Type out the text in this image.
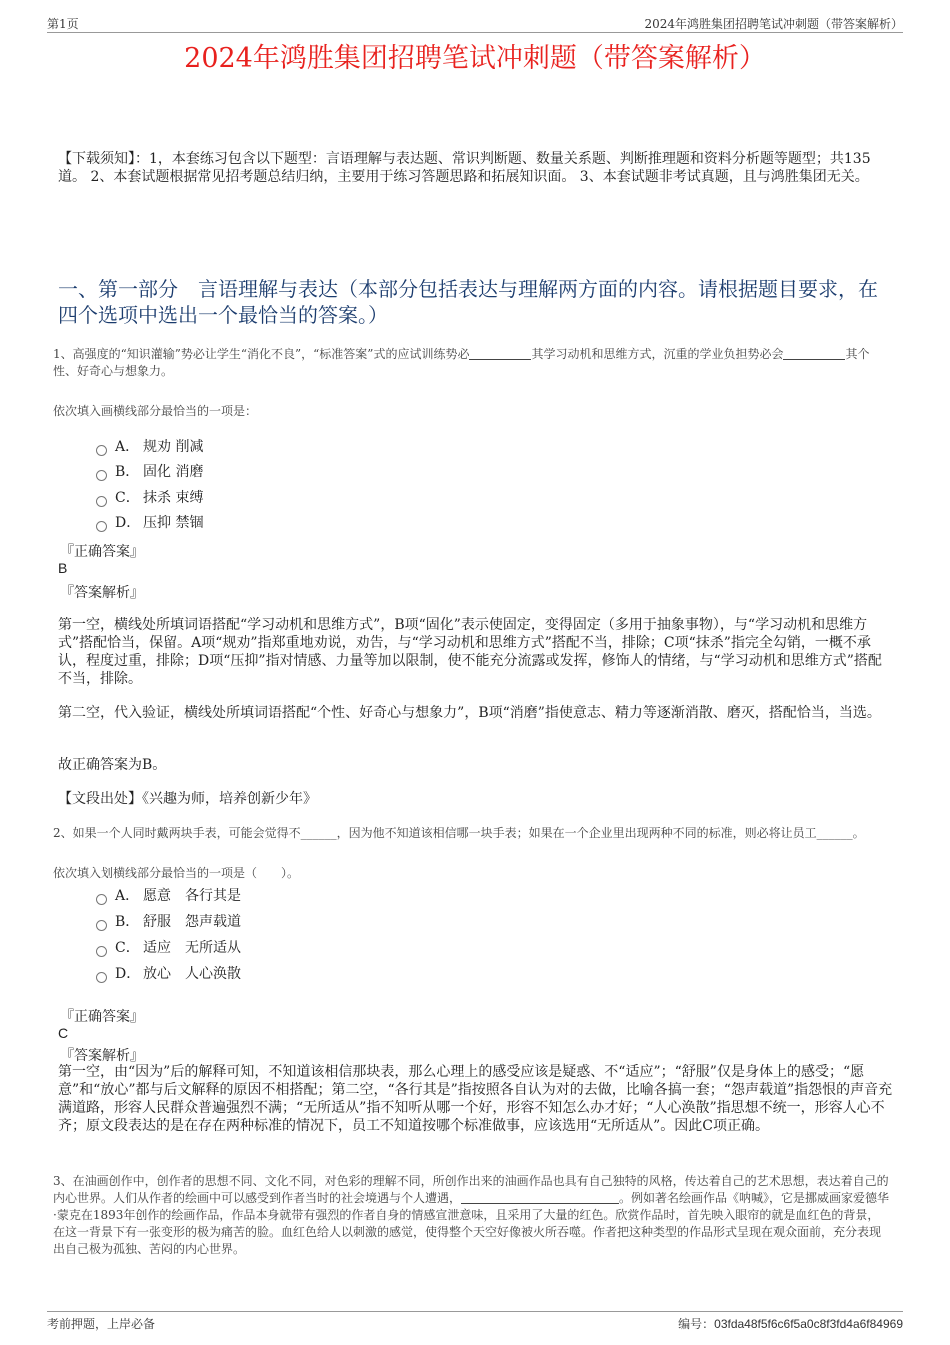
第1页	2024年鸿胜集团招聘笔试冲刺题（带答案解析）
2024年鸿胜集团招聘笔试冲刺题（带答案解析）
【下载须知】：1，本套练习包含以下题型：言语理解与表达题、常识判断题、数量关系题、判断推理题和资料分析题等题型；共135道。 2、本套试题根据常见招考题总结归纳，主要用于练习答题思路和拓展知识面。 3、本套试题非考试真题，且与鸿胜集团无关。
一、第一部分　言语理解与表达（本部分包括表达与理解两方面的内容。请根据题目要求，在四个选项中选出一个最恰当的答案。）
1、高强度的“知识灌输”势必让学生“消化不良”，“标准答案”式的应试训练势必	其学习动机和思维方式，沉重的学业负担势必会	其个性、好奇心与想象力。
依次填入画横线部分最恰当的一项是：
A． 规劝 削减
B． 固化 消磨
C． 抹杀 束缚
D． 压抑 禁锢
『正确答案』
B
『答案解析』
第一空，横线处所填词语搭配“学习动机和思维方式”，B项“固化”表示使固定，变得固定（多用于抽象事物），与“学习动机和思维方式”搭配恰当，保留。A项“规劝”指郑重地劝说，劝告，与“学习动机和思维方式”搭配不当，排除；C项“抹杀”指完全勾销，一概不承认，程度过重，排除；D项“压抑”指对情感、力量等加以限制，使不能充分流露或发挥，修饰人的情绪，与“学习动机和思维方式”搭配不当，排除。
第二空，代入验证，横线处所填词语搭配“个性、好奇心与想象力”，B项“消磨”指使意志、精力等逐渐消散、磨灭，搭配恰当，当选。
故正确答案为B。
【文段出处】《兴趣为师，培养创新少年》
2、如果一个人同时戴两块手表，可能会觉得不______，因为他不知道该相信哪一块手表；如果在一个企业里出现两种不同的标准，则必将让员工______。
依次填入划横线部分最恰当的一项是（　　）。
A． 愿意　各行其是
B． 舒服　怨声载道
C． 适应　无所适从
D． 放心　人心涣散
『正确答案』
C
『答案解析』
第一空，由“因为”后的解释可知，不知道该相信那块表，那么心理上的感受应该是疑惑、不“适应”；“舒服”仅是身体上的感受；“愿意”和“放心”都与后文解释的原因不相搭配；第二空，“各行其是”指按照各自认为对的去做，比喻各搞一套；“怨声载道”指怨恨的声音充满道路，形容人民群众普遍强烈不满；“无所适从”指不知听从哪一个好，形容不知怎么办才好；“人心涣散”指思想不统一，形容人心不齐；原文段表达的是在存在两种标准的情况下，员工不知道按哪个标准做事，应该选用“无所适从”。因此C项正确。
3、在油画创作中，创作者的思想不同、文化不同，对色彩的理解不同，所创作出来的油画作品也具有自己独特的风格，传达着自己的艺术思想，表达着自己的内心世界。人们从作者的绘画中可以感受到作者当时的社会境遇与个人遭遇，	。例如著名绘画作品《呐喊》，它是挪威画家爱德华·蒙克在1893年创作的绘画作品，作品本身就带有强烈的作者自身的情感宣泄意味，且采用了大量的红色。欣赏作品时，首先映入眼帘的就是血红色的背景，在这一背景下有一张变形的极为痛苦的脸。血红色给人以刺激的感觉，使得整个天空好像被火所吞噬。作者把这种类型的作品形式呈现在观众面前，充分表现出自己极为孤独、苦闷的内心世界。
考前押题，上岸必备	编号：03fda48f5f6c6f5a0c8f3fd4a6f84969
